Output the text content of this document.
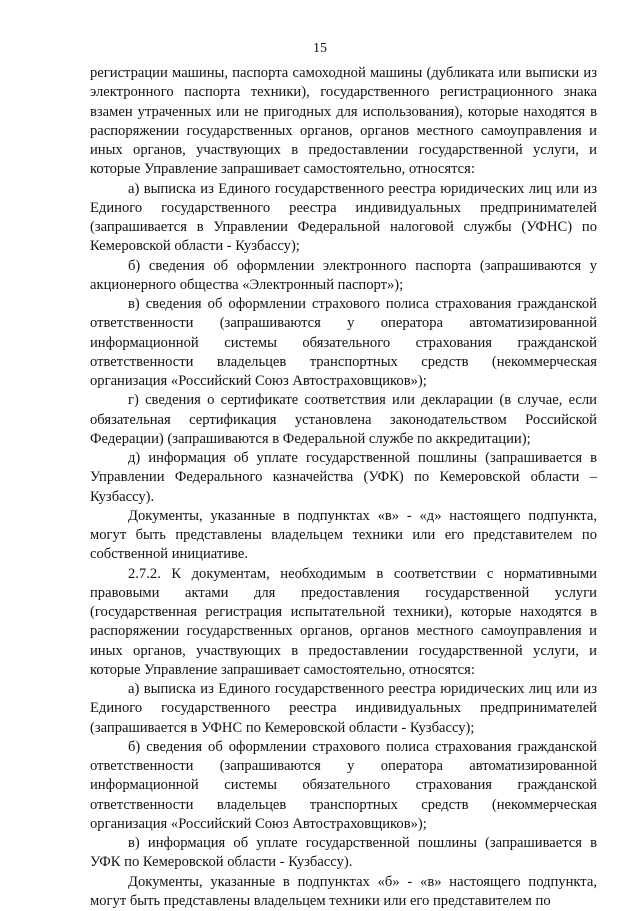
15

регистрации машины, паспорта самоходной машины (дубликата или выписки из электронного паспорта техники), государственного регистрационного знака взамен утраченных или не пригодных для использования), которые находятся в распоряжении государственных органов, органов местного самоуправления и иных органов, участвующих в предоставлении государственной услуги, и которые Управление запрашивает самостоятельно, относятся:

а) выписка из Единого государственного реестра юридических лиц или из Единого государственного реестра индивидуальных предпринимателей (запрашивается в Управлении Федеральной налоговой службы (УФНС) по Кемеровской области - Кузбассу);

б) сведения об оформлении электронного паспорта (запрашиваются у акционерного общества «Электронный паспорт»);

в) сведения об оформлении страхового полиса страхования гражданской ответственности (запрашиваются у оператора автоматизированной информационной системы обязательного страхования гражданской ответственности владельцев транспортных средств (некоммерческая организация «Российский Союз Автостраховщиков»);

г) сведения о сертификате соответствия или декларации (в случае, если обязательная сертификация установлена законодательством Российской Федерации) (запрашиваются в Федеральной службе по аккредитации);

д) информация об уплате государственной пошлины (запрашивается в Управлении Федерального казначейства (УФК) по Кемеровской области – Кузбассу).

Документы, указанные в подпунктах «в» - «д» настоящего подпункта, могут быть представлены владельцем техники или его представителем по собственной инициативе.

2.7.2. К документам, необходимым в соответствии с нормативными правовыми актами для предоставления государственной услуги (государственная регистрация испытательной техники), которые находятся в распоряжении государственных органов, органов местного самоуправления и иных органов, участвующих в предоставлении государственной услуги, и которые Управление запрашивает самостоятельно, относятся:

а) выписка из Единого государственного реестра юридических лиц или из Единого государственного реестра индивидуальных предпринимателей (запрашивается в УФНС по Кемеровской области - Кузбассу);

б) сведения об оформлении страхового полиса страхования гражданской ответственности (запрашиваются у оператора автоматизированной информационной системы обязательного страхования гражданской ответственности владельцев транспортных средств (некоммерческая организация «Российский Союз Автостраховщиков»);

в) информация об уплате государственной пошлины (запрашивается в УФК по Кемеровской области - Кузбассу).

Документы, указанные в подпунктах «б» - «в» настоящего подпункта, могут быть представлены владельцем техники или его представителем по
